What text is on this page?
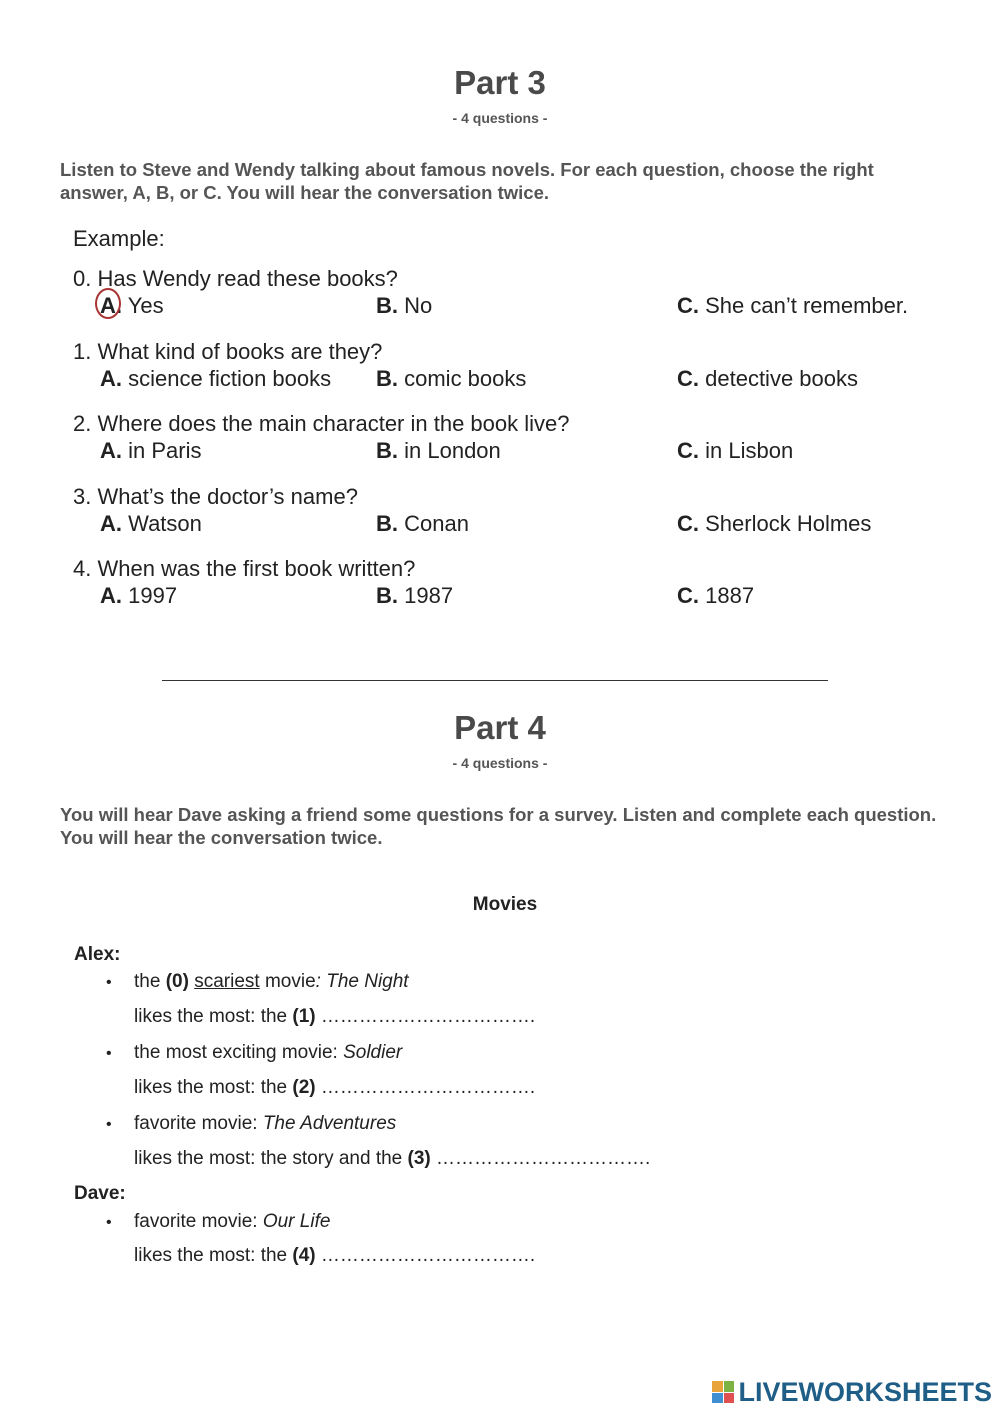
Part 3
- 4 questions -
Listen to Steve and Wendy talking about famous novels. For each question, choose the right answer, A, B, or C. You will hear the conversation twice.
Example:
0. Has Wendy read these books?
A. Yes	B. No	C. She can’t remember.
1. What kind of books are they?
A. science fiction books B. comic books	C. detective books
2. Where does the main character in the book live?
A. in Paris	B. in London	C. in Lisbon
3. What’s the doctor’s name?
A. Watson	B. Conan	C. Sherlock Holmes
4. When was the first book written?
A. 1997	B. 1987	C. 1887
Part 4
- 4 questions -
You will hear Dave asking a friend some questions for a survey. Listen and complete each question. You will hear the conversation twice.
Movies
Alex:
• the (0) scariest movie: The Night
likes the most: the (1) …………………………….
• the most exciting movie: Soldier
likes the most: the (2) …………………………….
• favorite movie: The Adventures
likes the most: the story and the (3) …………………………….
Dave:
• favorite movie: Our Life
likes the most: the (4) …………………………….
LIVEWORKSHEETS
